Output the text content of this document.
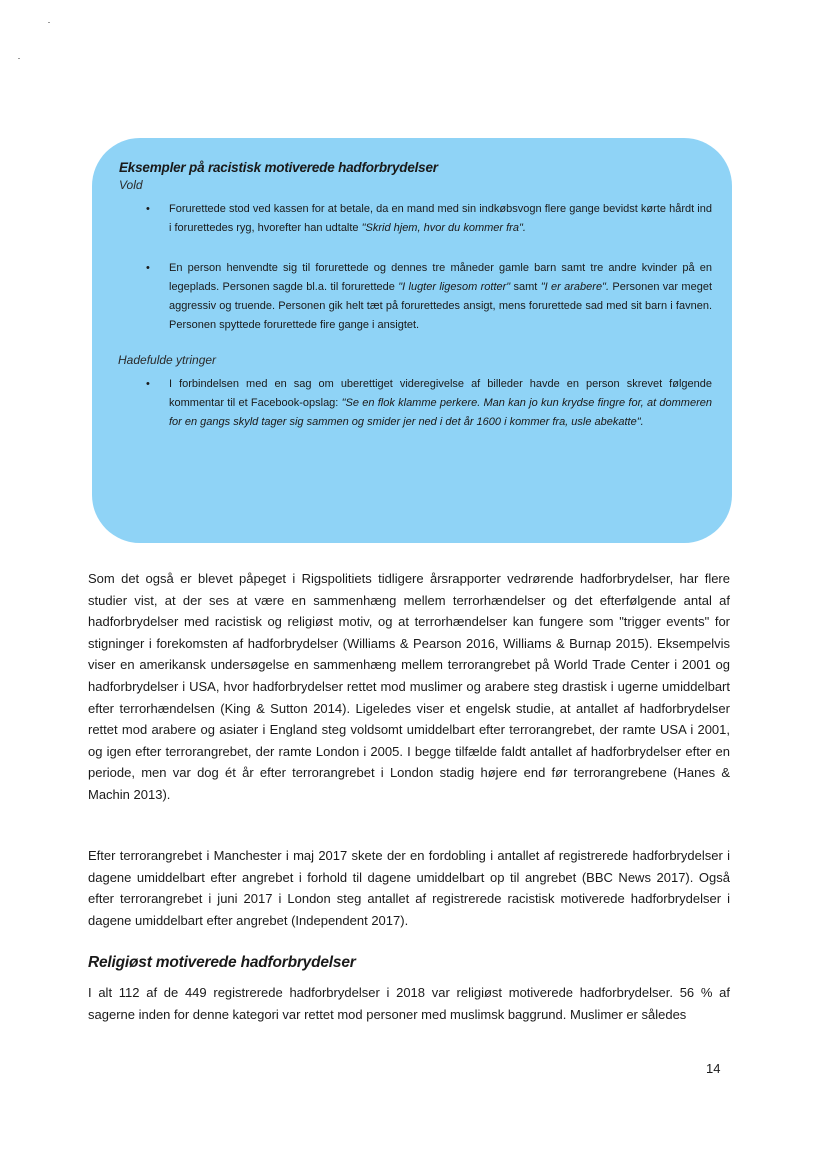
Eksempler på racistisk motiverede hadforbrydelser

Vold

• Forurettede stod ved kassen for at betale, da en mand med sin indkøbsvogn flere gange bevidst kørte hårdt ind i forurettedes ryg, hvorefter han udtalte "Skrid hjem, hvor du kommer fra".
• En person henvendte sig til forurettede og dennes tre måneder gamle barn samt tre andre kvinder på en legeplads. Personen sagde bl.a. til forurettede "I lugter ligesom rotter" samt "I er arabere". Personen var meget aggressiv og truende. Personen gik helt tæt på forurettedes ansigt, mens forurettede sad med sit barn i favnen. Personen spyttede forurettede fire gange i ansigtet.

Hadefulde ytringer

• I forbindelsen med en sag om uberettiget videregivelse af billeder havde en person skrevet følgende kommentar til et Facebook-opslag: "Se en flok klamme perkere. Man kan jo kun krydse fingre for, at dommeren for en gangs skyld tager sig sammen og smider jer ned i det år 1600 i kommer fra, usle abekatte".

Som det også er blevet påpeget i Rigspolitiets tidligere årsrapporter vedrørende hadforbrydelser, har flere studier vist, at der ses at være en sammenhæng mellem terrorhændelser og det efterfølgende antal af hadforbrydelser med racistisk og religiøst motiv, og at terrorhændelser kan fungere som "trigger events" for stigninger i forekomsten af hadforbrydelser (Williams & Pearson 2016, Williams & Burnap 2015). Eksempelvis viser en amerikansk undersøgelse en sammenhæng mellem terrorangrebet på World Trade Center i 2001 og hadforbrydelser i USA, hvor hadforbrydelser rettet mod muslimer og arabere steg drastisk i ugerne umiddelbart efter terrorhændelsen (King & Sutton 2014). Ligeledes viser et engelsk studie, at antallet af hadforbrydelser rettet mod arabere og asiater i England steg voldsomt umiddelbart efter terrorangrebet, der ramte USA i 2001, og igen efter terrorangrebet, der ramte London i 2005. I begge tilfælde faldt antallet af hadforbrydelser efter en periode, men var dog ét år efter terrorangrebet i London stadig højere end før terrorangrebene (Hanes & Machin 2013).

Efter terrorangrebet i Manchester i maj 2017 skete der en fordobling i antallet af registrerede hadforbrydelser i dagene umiddelbart efter angrebet i forhold til dagene umiddelbart op til angrebet (BBC News 2017). Også efter terrorangrebet i juni 2017 i London steg antallet af registrerede racistisk motiverede hadforbrydelser i dagene umiddelbart efter angrebet (Independent 2017).

Religiøst motiverede hadforbrydelser

I alt 112 af de 449 registrerede hadforbrydelser i 2018 var religiøst motiverede hadforbrydelser. 56 % af sagerne inden for denne kategori var rettet mod personer med muslimsk baggrund. Muslimer er således

14
